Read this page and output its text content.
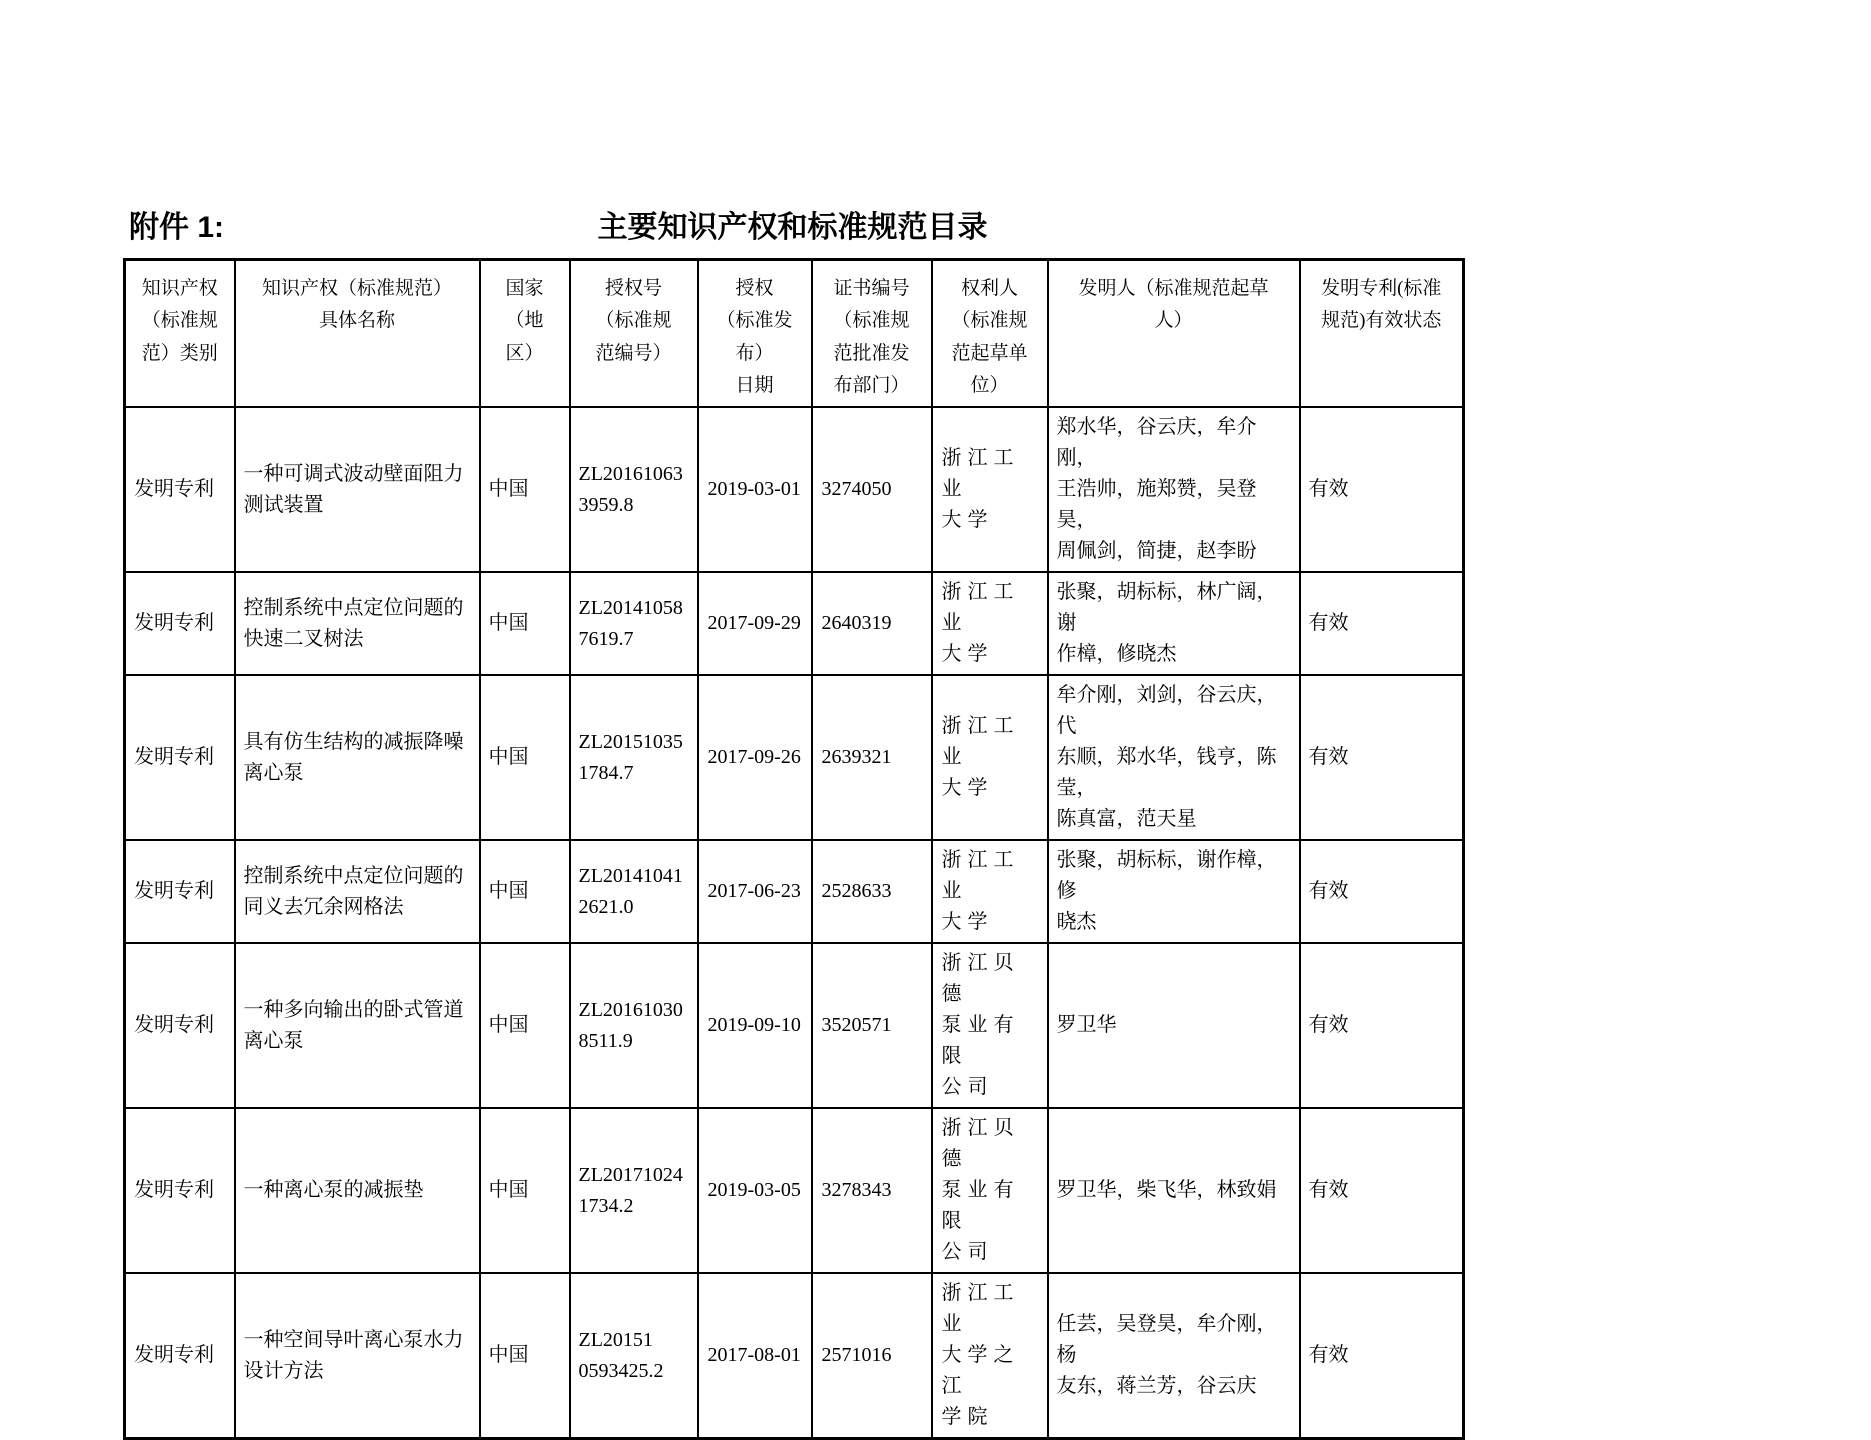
附件 1:	主要知识产权和标准规范目录
知识产权
（标准规
范）类别	知识产权（标准规范）
具体名称	国家
（地
区）	授权号
（标准规
范编号）	授权
（标准发
布）
日期	证书编号
（标准规
范批准发
布部门）	权利人
（标准规
范起草单
位）	发明人（标准规范起草
人）	发明专利(标准
规范)有效状态
发明专利	一种可调式波动壁面阻力
测试装置	中国	ZL20161063
3959.8	2019-03-01	3274050	浙江工业
大学	郑水华，谷云庆，牟介刚，
王浩帅，施郑赞，吴登昊，
周佩剑，简捷，赵李盼	有效
发明专利	控制系统中点定位问题的
快速二叉树法	中国	ZL20141058
7619.7	2017-09-29	2640319	浙江工业
大学	张聚，胡标标，林广阔，谢
作樟，修晓杰	有效
发明专利	具有仿生结构的减振降噪
离心泵	中国	ZL20151035
1784.7	2017-09-26	2639321	浙江工业
大学	牟介刚，刘剑，谷云庆，代
东顺，郑水华，钱亨，陈莹，
陈真富，范天星	有效
发明专利	控制系统中点定位问题的
同义去冗余网格法	中国	ZL20141041
2621.0	2017-06-23	2528633	浙江工业
大学	张聚，胡标标，谢作樟，修
晓杰	有效
发明专利	一种多向输出的卧式管道
离心泵	中国	ZL20161030
8511.9	2019-09-10	3520571	浙江贝德
泵业有限
公司	罗卫华	有效
发明专利	一种离心泵的减振垫	中国	ZL20171024
1734.2	2019-03-05	3278343	浙江贝德
泵业有限
公司	罗卫华，柴飞华，林致娟	有效
发明专利	一种空间导叶离心泵水力
设计方法	中国	ZL20151
0593425.2	2017-08-01	2571016	浙江工业
大学之江
学院	任芸，吴登昊，牟介刚，杨
友东，蒋兰芳，谷云庆	有效
